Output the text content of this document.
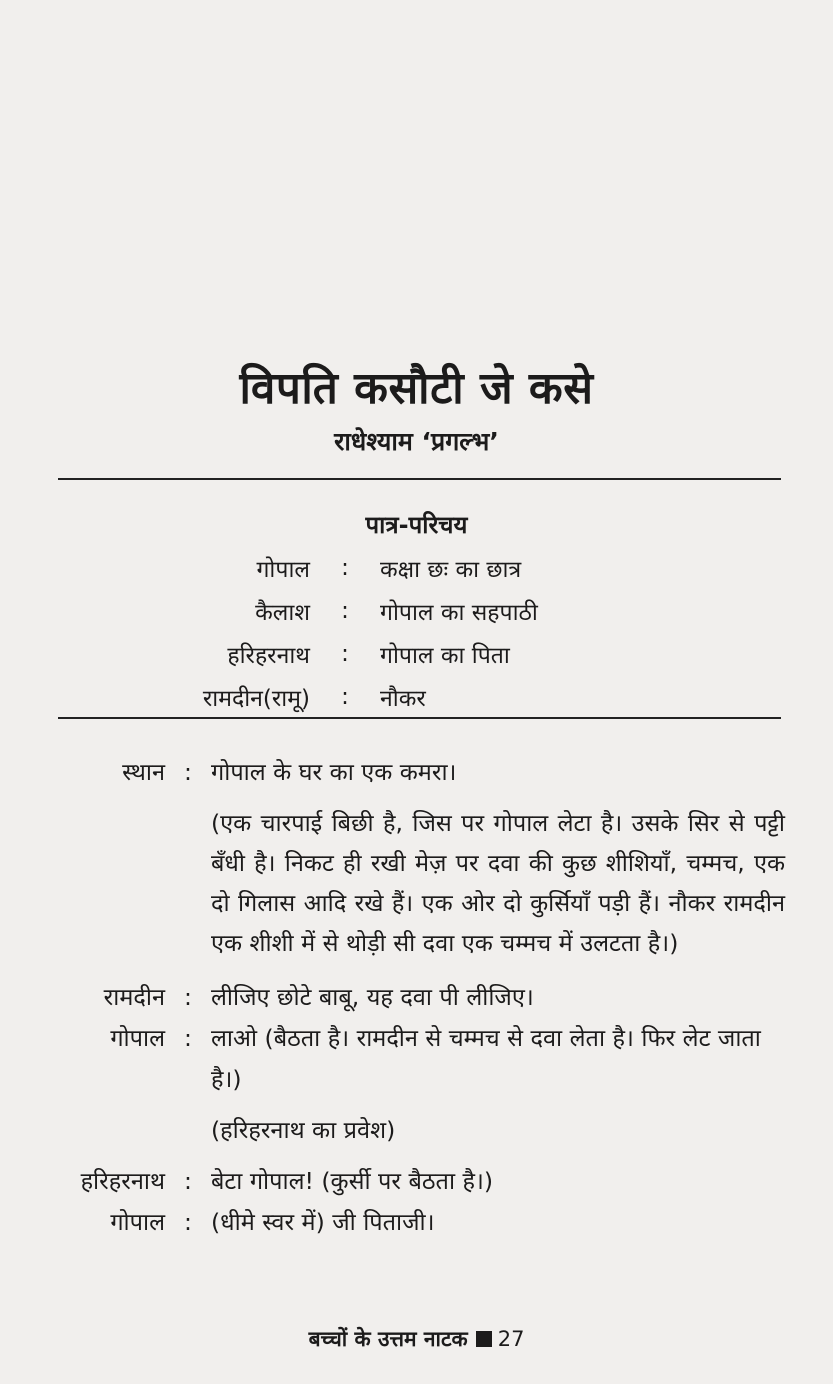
विपति कसौटी जे कसे
राधेश्याम ‘प्रगल्भ’
पात्र-परिचय
गोपाल	:	कक्षा छः का छात्र
कैलाश	:	गोपाल का सहपाठी
हरिहरनाथ	:	गोपाल का पिता
रामदीन(रामू)	:	नौकर
स्थान : गोपाल के घर का एक कमरा।
(एक चारपाई बिछी है, जिस पर गोपाल लेटा है। उसके सिर से पट्टी बँधी है। निकट ही रखी मेज़ पर दवा की कुछ शीशियाँ, चम्मच, एक दो गिलास आदि रखे हैं। एक ओर दो कुर्सियाँ पड़ी हैं। नौकर रामदीन एक शीशी में से थोड़ी सी दवा एक चम्मच में उलटता है।)
रामदीन : लीजिए छोटे बाबू, यह दवा पी लीजिए।
गोपाल : लाओ (बैठता है। रामदीन से चम्मच से दवा लेता है। फिर लेट जाता है।)
(हरिहरनाथ का प्रवेश)
हरिहरनाथ : बेटा गोपाल! (कुर्सी पर बैठता है।)
गोपाल : (धीमे स्वर में) जी पिताजी।
बच्चों के उत्तम नाटक 27
